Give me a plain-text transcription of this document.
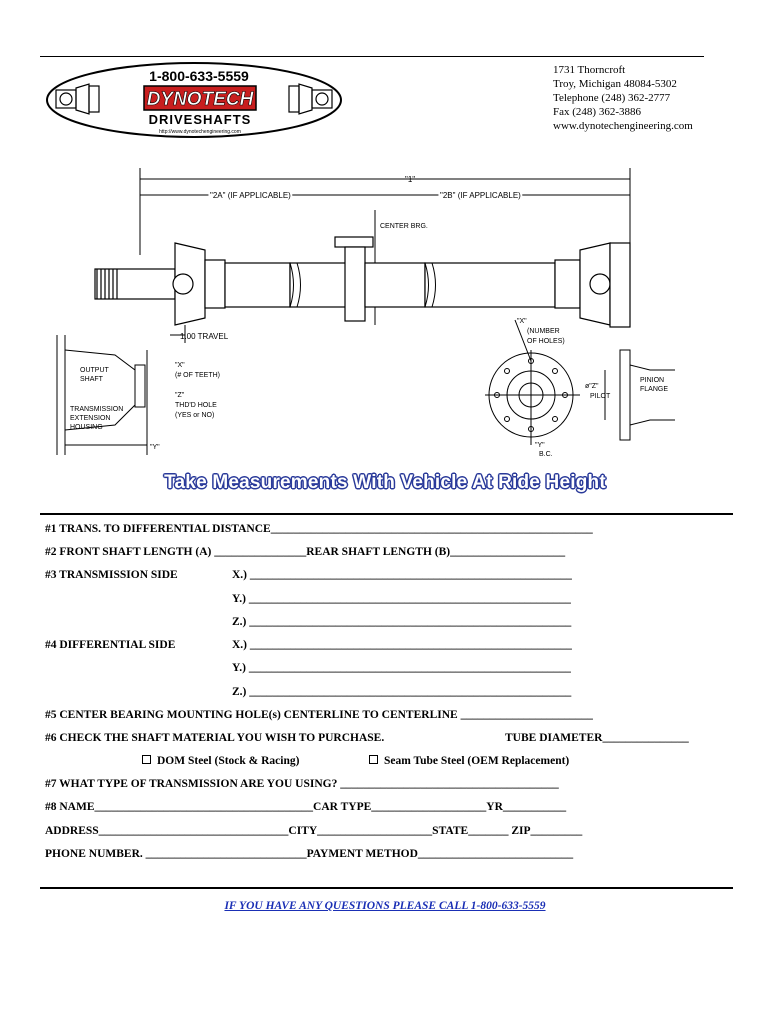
1-800-633-5559
DYNOTECH
DRIVESHAFTS
http://www.dynotechengineering.com
1731 Thorncroft
Troy, Michigan 48084-5302
Telephone (248) 362-2777
Fax (248) 362-3886
www.dynotechengineering.com
"1"
"2A" (IF APPLICABLE)	"2B" (IF APPLICABLE)
CENTER BRG.
1.00 TRAVEL
OUTPUT
SHAFT
TRANSMISSION
EXTENSION
HOUSING
"X"
(# OF TEETH)
"Z"
THD'D HOLE
(YES or NO)
"Y"
"X"
(NUMBER
OF HOLES)
"Y"
B.C.
ø"Z"
PILOT
PINION
FLANGE
Take Measurements With Vehicle At Ride Height
#1 TRANS. TO DIFFERENTIAL DISTANCE________________________________________________________
#2 FRONT SHAFT LENGTH (A) ________________REAR SHAFT LENGTH (B)____________________
#3 TRANSMISSION SIDE	X.) ________________________________________________________
Y.) ________________________________________________________
Z.) ________________________________________________________
#4 DIFFERENTIAL SIDE	X.) ________________________________________________________
Y.) ________________________________________________________
Z.) ________________________________________________________
#5 CENTER BEARING MOUNTING HOLE(s) CENTERLINE TO CENTERLINE _______________________
#6 CHECK THE SHAFT MATERIAL YOU WISH TO PURCHASE.	TUBE DIAMETER_______________
DOM Steel (Stock & Racing)	Seam Tube Steel (OEM Replacement)
#7 WHAT TYPE OF TRANSMISSION ARE YOU USING? ______________________________________
#8 NAME______________________________________CAR TYPE____________________YR___________
ADDRESS_________________________________CITY____________________STATE_______ ZIP_________
PHONE NUMBER. ____________________________PAYMENT METHOD___________________________
IF YOU HAVE ANY QUESTIONS PLEASE CALL 1-800-633-5559
